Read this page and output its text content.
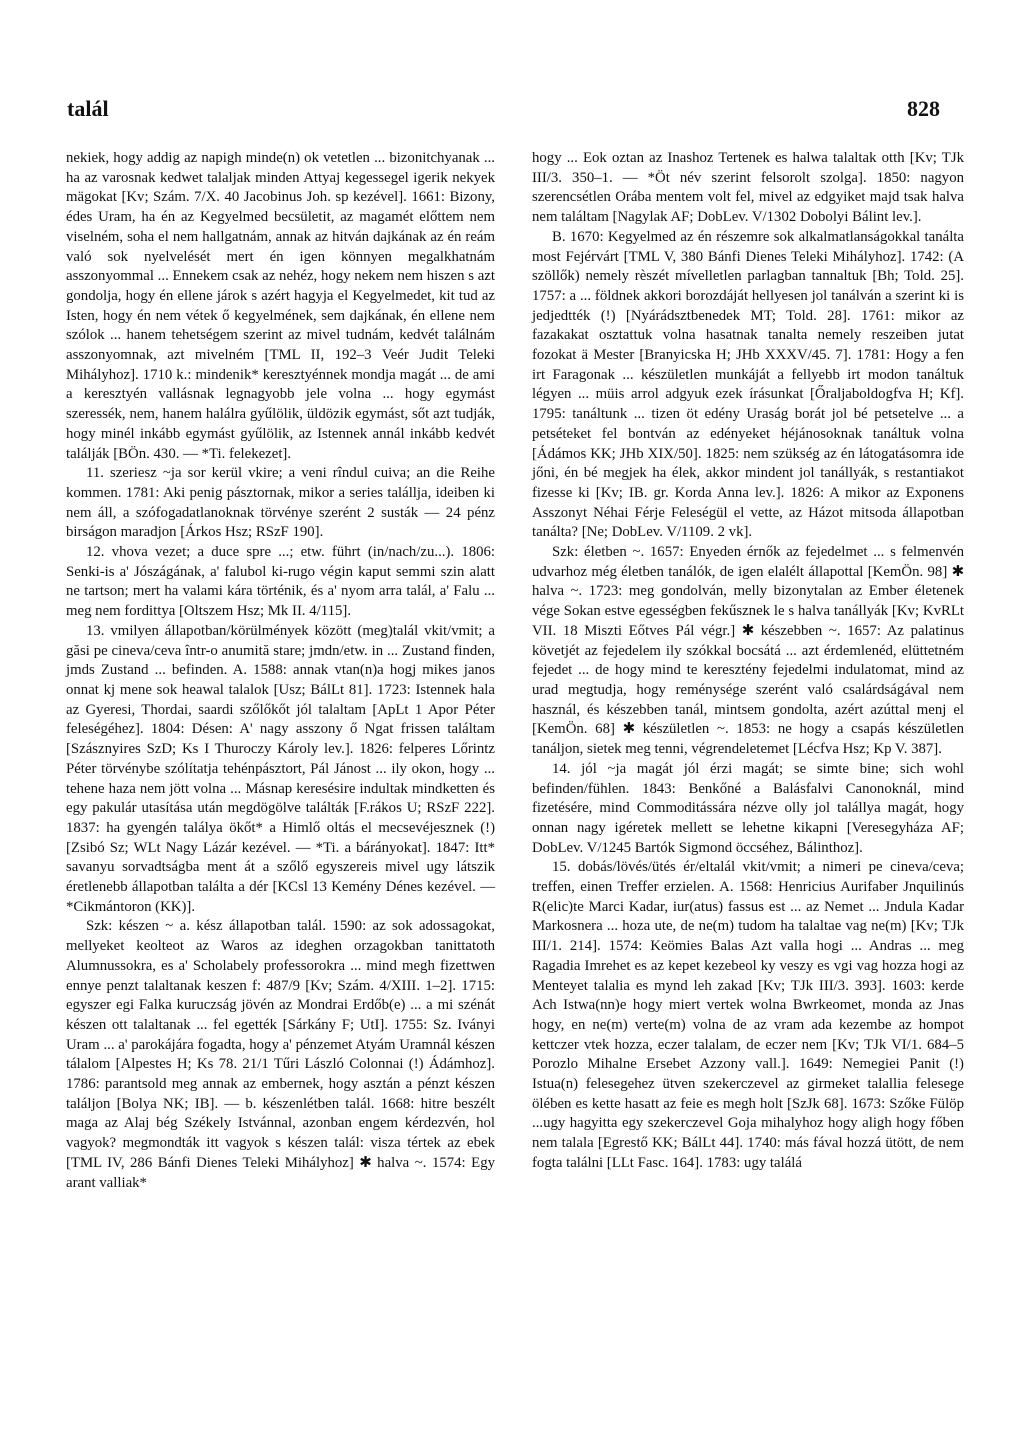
talál	828

nekiek, hogy addig az napigh minde(n) ok vetetlen ... bizonitchyanak ... ha az varosnak kedwet talaljak minden Attyaj kegessegel igerik nekyek mägokat [Kv; Szám. 7/X. 40 Jacobinus Joh. sp kezével]. 1661: Bizony, édes Uram, ha én az Kegyelmed becsületit, az magamét előttem nem viselném, soha el nem hallgatnám, annak az hitván dajkának az én reám való sok nyelvelését mert én igen könnyen megalkhatnám asszonyommal ... Ennekem csak az nehéz, hogy nekem nem hiszen s azt gondolja, hogy én ellene járok s azért hagyja el Kegyelmedet, kit tud az Isten, hogy én nem vétek ő kegyelmének, sem dajkának, én ellene nem szólok ... hanem tehetségem szerint az mivel tudnám, kedvét találnám asszonyomnak, azt mivelném [TML II, 192–3 Veér Judit Teleki Mihályhoz]. 1710 k.: mindenik* keresztyénnek mondja magát ... de ami a keresztyén vallásnak legnagyobb jele volna ... hogy egymást szeressék, nem, hanem halálra gyűlölik, üldözik egymást, sőt azt tudják, hogy minél inkább egymást gyűlölik, az Istennek annál inkább kedvét találják [BÖn. 430. — *Ti. felekezet].

11. szeriesz ~ja sor kerül vkire; a veni rîndul cuiva; an die Reihe kommen. 1781: Aki penig pásztornak, mikor a series talállja, ideiben ki nem áll, a szófogadatlanoknak törvénye szerént 2 susták — 24 pénz birságon maradjon [Árkos Hsz; RSzF 190].

12. vhova vezet; a duce spre ...; etw. führt (in/nach/zu...). 1806: Senki-is a' Jószágának, a' falubol ki-rugo végin kaput semmi szin alatt ne tartson; mert ha valami kára történik, és a' nyom arra talál, a' Falu ... meg nem fordittya [Oltszem Hsz; Mk II. 4/115].

13. vmilyen állapotban/körülmények között (meg)talál vkit/vmit; a găsi pe cineva/ceva într-o anumită stare; jmdn/etw. in ... Zustand finden, jmds Zustand ... befinden. A. 1588: annak vtan(n)a hogj mikes janos onnat kj mene sok heawal talalok [Usz; BálLt 81]. 1723: Istennek hala az Gyeresi, Thordai, saardi szőlőkőt jól talaltam [ApLt 1 Apor Péter feleségéhez]. 1804: Désen: A' nagy asszony ő Ngat frissen találtam [Szásznyires SzD; Ks I Thuroczy Károly lev.]. 1826: felperes Lőrintz Péter törvénybe szólítatja tehénpásztort, Pál Jánost ... ily okon, hogy ... tehene haza nem jött volna ... Másnap keresésire indultak mindketten és egy pakulár utasítása után megdögölve találták [F.rákos U; RSzF 222]. 1837: ha gyengén találya ökőt* a Himlő oltás el mecsevéjesznek (!) [Zsibó Sz; WLt Nagy Lázár kezével. — *Ti. a bárányokat]. 1847: Itt* savanyu sorvadtságba ment át a szőlő egyszereis mivel ugy látszik éretlenebb állapotban találta a dér [KCsl 13 Kemény Dénes kezével. — *Cikmántoron (KK)].

Szk: készen ~ a. kész állapotban talál. 1590: az sok adossagokat, mellyeket keolteot az Waros az ideghen orzagokban tanittatoth Alumnussokra, es a' Scholabely professorokra ... mind megh fizettwen ennye penzt talaltanak keszen f: 487/9 [Kv; Szám. 4/XIII. 1–2]. 1715: egyszer egi Falka kuruczság jövén az Mondrai Erdőb(e) ... a mi szénát készen ott talaltanak ... fel egették [Sárkány F; UtI]. 1755: Sz. Iványi Uram ... a' parokájára fogadta, hogy a' pénzemet Atyám Uramnál készen tálalom [Alpestes H; Ks 78. 21/1 Tűri László Colonnai (!) Ádámhoz]. 1786: parantsold meg annak az embernek, hogy asztán a pénzt készen találjon [Bolya NK; IB]. — b. készenlétben talál. 1668: hitre beszélt maga az Alaj bég Székely Istvánnal, azonban engem kérdezvén, hol vagyok? megmondták itt vagyok s készen talál: visza tértek az ebek [TML IV, 286 Bánfi Dienes Teleki Mihályhoz] ✱ halva ~. 1574: Egy arant valliak*

hogy ... Eok oztan az Inashoz Tertenek es halwa talaltak otth [Kv; TJk III/3. 350–1. — *Öt név szerint felsorolt szolga]. 1850: nagyon szerencsétlen Orába mentem volt fel, mivel az edgyiket majd tsak halva nem találtam [Nagylak AF; DobLev. V/1302 Dobolyi Bálint lev.].

B. 1670: Kegyelmed az én részemre sok alkalmatlanságokkal tanálta most Fejérvárt [TML V, 380 Bánfi Dienes Teleki Mihályhoz]. 1742: (A szöllők) nemely rèszét mívelletlen parlagban tannaltuk [Bh; Told. 25]. 1757: a ... földnek akkori borozdáját hellyesen jol tanálván a szerint ki is jedjedtték (!) [Nyárádsztbenedek MT; Told. 28]. 1761: mikor az fazakakat osztattuk volna hasatnak tanalta nemely reszeiben jutat fozokat ä Mester [Branyicska H; JHb XXXV/45. 7]. 1781: Hogy a fen irt Faragonak ... készületlen munkáját a fellyebb irt modon tanáltuk légyen ... müis arrol adgyuk ezek írásunkat [Őraljaboldogfva H; Kf]. 1795: tanáltunk ... tizen öt edény Uraság borát jol bé petsetelve ... a petséteket fel bontván az edényeket héjánosoknak tanáltuk volna [Ádámos KK; JHb XIX/50]. 1825: nem szükség az én látogatásomra ide jőni, én bé megjek ha élek, akkor mindent jol tanállyák, s restantiakot fizesse ki [Kv; IB. gr. Korda Anna lev.]. 1826: A mikor az Exponens Asszonyt Néhai Férje Feleségül el vette, az Házot mitsoda állapotban tanálta? [Ne; DobLev. V/1109. 2 vk].

Szk: életben ~. 1657: Enyeden érnők az fejedelmet ... s felmenvén udvarhoz még életben tanálók, de igen elalélt állapottal [KemÖn. 98] ✱ halva ~. 1723: meg gondolván, melly bizonytalan az Ember életenek vége Sokan estve egességben fekűsznek le s halva tanállyák [Kv; KvRLt VII. 18 Miszti Eőtves Pál végr.] ✱ készebben ~. 1657: Az palatinus követjét az fejedelem ily szókkal bocsátá ... azt érdemlenéd, elüttetném fejedet ... de hogy mind te keresztény fejedelmi indulatomat, mind az urad megtudja, hogy reménysége szerént való csalárdságával nem használ, és készebben tanál, mintsem gondolta, azért azúttal menj el [KemÖn. 68] ✱ készületlen ~. 1853: ne hogy a csapás készületlen tanáljon, sietek meg tenni, végrendeletemet [Lécfva Hsz; Kp V. 387].

14. jól ~ja magát jól érzi magát; se simte bine; sich wohl befinden/fühlen. 1843: Benkőné a Balásfalvi Canonoknál, mind fizetésére, mind Commoditássára nézve olly jol talállya magát, hogy onnan nagy igéretek mellett se lehetne kikapni [Veresegyháza AF; DobLev. V/1245 Bartók Sigmond öccséhez, Bálinthoz].

15. dobás/lövés/ütés ér/eltalál vkit/vmit; a nimeri pe cineva/ceva; treffen, einen Treffer erzielen. A. 1568: Henricius Aurifaber Jnquilinús R(elic)te Marci Kadar, iur(atus) fassus est ... az Nemet ... Jndula Kadar Markosnera ... hoza ute, de ne(m) tudom ha talaltae vag ne(m) [Kv; TJk III/1. 214]. 1574: Keömies Balas Azt valla hogi ... Andras ... meg Ragadia Imrehet es az kepet kezebeol ky veszy es vgi vag hozza hogi az Menteyet talalia es mynd leh zakad [Kv; TJk III/3. 393]. 1603: kerde Ach Istwa(nn)e hogy miert vertek wolna Bwrkeomet, monda az Jnas hogy, en ne(m) verte(m) volna de az vram ada kezembe az hompot kettczer vtek hozza, eczer talalam, de eczer nem [Kv; TJk VI/1. 684–5 Porozlo Mihalne Ersebet Azzony vall.]. 1649: Nemegiei Panit (!) Istua(n) felesegehez ütven szekerczevel az girmeket talallia felesege ölében es kette hasatt az feie es megh holt [SzJk 68]. 1673: Szőke Fülöp ...ugy hagyitta egy szekerczevel Goja mihalyhoz hogy aligh hogy főben nem talala [Egrestő KK; BálLt 44]. 1740: más fával hozzá ütött, de nem fogta találni [LLt Fasc. 164]. 1783: ugy találá
